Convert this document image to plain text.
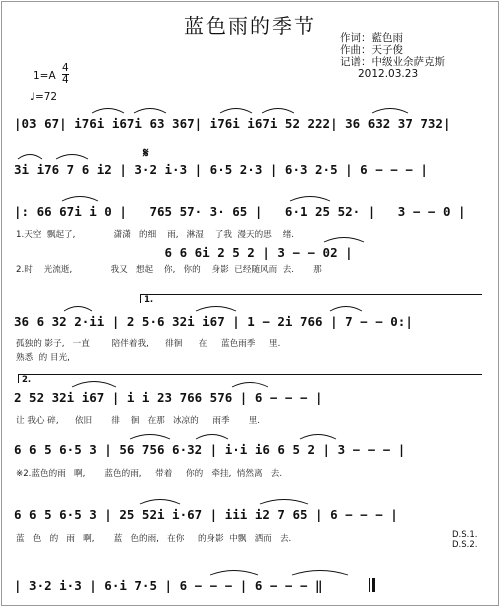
蓝色雨的季节	作词：藍色雨
作曲：天子俊
记谱：中级业余萨克斯
2012.03.23
$1=A \frac{4}{4}$
♩=72
|03 67| i76i i67i 63 367| i76i i67i 52 222| 36 632 37 732|
𝄋
3i i76 7 6 i2 | 3·2 i·3 | 6·5 2·3 | 6·3 2·5 | 6 − − − |
|: 66 67i i 0 |   765 57· 3· 65 |   6·1 25 52· |   3 − − 0 |
1.天空  飘起了,              潇潇   的细    雨,   淋湿    了我  漫天的思    绪.
6 6 6i 2 5 2 | 3 − − 02 |
2.时    光流逝,              我又   想起    你,   你的    身影  已经随风而  去.       那
1.
36 6 32 2·ii | 2 5·6 32i i67 | 1 − 2i 766 | 7 − − 0:|
孤独的 影子,   一直        陪伴着我,      徘徊      在     蓝色雨季     里.
熟悉  的 目光,
2.
2 52 32i i67 | i i 23 766 576 | 6 − − − |
让 我心 碎,      依旧       徘    徊   在那   冰凉的     雨季       里.
6 6 5 6·5 3 | 56 756 6·32 | i·i i6 6 5 2 | 3 − − − |
※2.蓝色的雨   啊,       蓝色的雨,     带着     你的   牵挂,  悄然离   去.
6 6 5 6·5 3 | 25 52i i·67 | iii i2 7 65 | 6 − − − |
蓝   色   的   雨   啊,       蓝   色的雨,   在你     的身影  中飘   洒而   去.	D.S.1.
D.S.2.
| 3·2 i·3 | 6·i 7·5 | 6 − − − | 6 − − − ‖
